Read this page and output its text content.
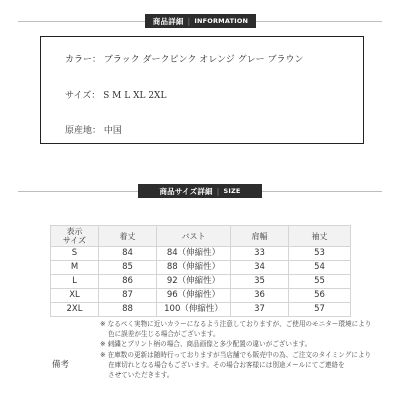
商品詳細 | INFORMATION
カラー： ブラック ダークピンク オレンジ グレー ブラウン
サイズ： S M L XL 2XL
原産地： 中国
商品サイズ詳細 | SIZE
表示
サイズ	着丈	バスト	肩幅	袖丈
S	84	84（伸縮性）	33	53
M	85	88（伸縮性）	34	54
L	86	92（伸縮性）	35	55
XL	87	96（伸縮性）	36	56
2XL	88	100（伸縮性）	37	57
備考

※ なるべく実物に近いカラーになるよう注意しておりますが、ご使用のモニター環境により

色に誤差が生じる場合がございます。

※ 刺繍とプリント柄の場合、商品画像と多少配置の違いがございます。

※ 在庫数の更新は随時行っておりますが当店舗でも販売中の為、ご注文のタイミングにより

在庫切れとなる場合もございます。その場合お客様には別途メールにてご連絡を

させていただきます。
